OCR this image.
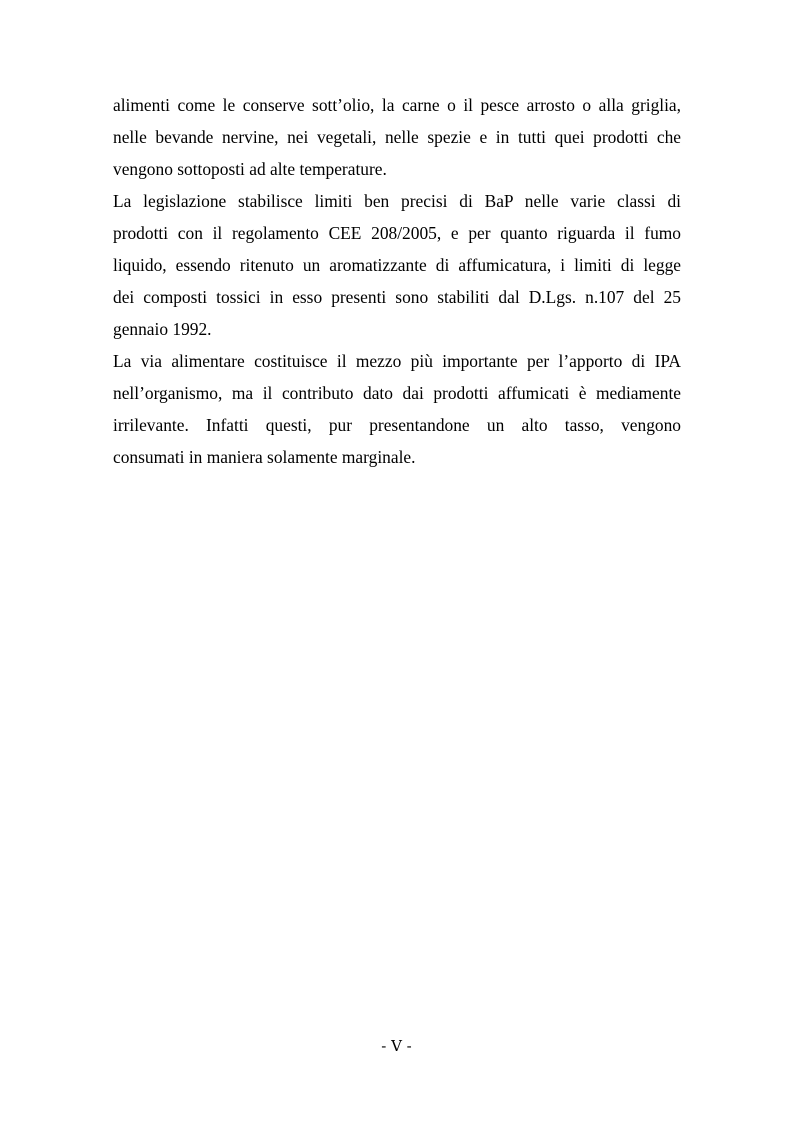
alimenti come le conserve sott’olio, la carne o il pesce arrosto o alla griglia,
nelle bevande nervine, nei vegetali, nelle spezie e in tutti quei prodotti che
vengono sottoposti ad alte temperature.
La legislazione stabilisce limiti ben precisi di BaP nelle varie classi di
prodotti con il regolamento CEE 208/2005, e per quanto riguarda il fumo
liquido, essendo ritenuto un aromatizzante di affumicatura, i limiti di legge
dei composti tossici in esso presenti sono stabiliti dal D.Lgs. n.107 del 25
gennaio 1992.
La via alimentare costituisce il mezzo più importante per l’apporto di IPA
nell’organismo, ma il contributo dato dai prodotti affumicati è mediamente
irrilevante. Infatti questi, pur presentandone un alto tasso, vengono
consumati in maniera solamente marginale.
- V -
